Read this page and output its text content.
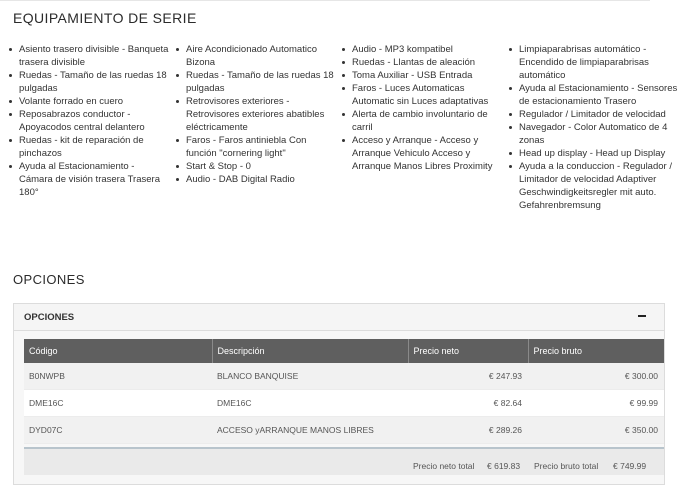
EQUIPAMIENTO DE SERIE
Asiento trasero divisible - Banqueta trasera divisible
Ruedas - Tamaño de las ruedas 18 pulgadas
Volante forrado en cuero
Reposabrazos conductor - Apoyacodos central delantero
Ruedas - kit de reparación de pinchazos
Ayuda al Estacionamiento - Cámara de visión trasera Trasera 180°
Aire Acondicionado Automatico Bizona
Ruedas - Tamaño de las ruedas 18 pulgadas
Retrovisores exteriores - Retrovisores exteriores abatibles eléctricamente
Faros - Faros antiniebla Con función "cornering light"
Start & Stop - 0
Audio - DAB Digital Radio
Audio - MP3 kompatibel
Ruedas - Llantas de aleación
Toma Auxiliar - USB Entrada
Faros - Luces Automaticas Automatic sin Luces adaptativas
Alerta de cambio involuntario de carril
Acceso y Arranque - Acceso y Arranque Vehiculo Acceso y Arranque Manos Libres Proximity
Limpiaparabrisas automático - Encendido de limpiaparabrisas automático
Ayuda al Estacionamiento - Sensores de estacionamiento Trasero
Regulador / Limitador de velocidad
Navegador - Color Automatico de 4 zonas
Head up display - Head up Display
Ayuda a la conduccion - Regulador / Limitador de velocidad Adaptiver Geschwindigkeitsregler mit auto. Gefahrenbremsung
OPCIONES
OPCIONES
Código	Descripción	Precio neto	Precio bruto
B0NWPB	BLANCO BANQUISE	€ 247.93	€ 300.00
DME16C	DME16C	€ 82.64	€ 99.99
DYD07C	ACCESO yARRANQUE MANOS LIBRES	€ 289.26	€ 350.00
Precio neto total € 619.83 Precio bruto total € 749.99
